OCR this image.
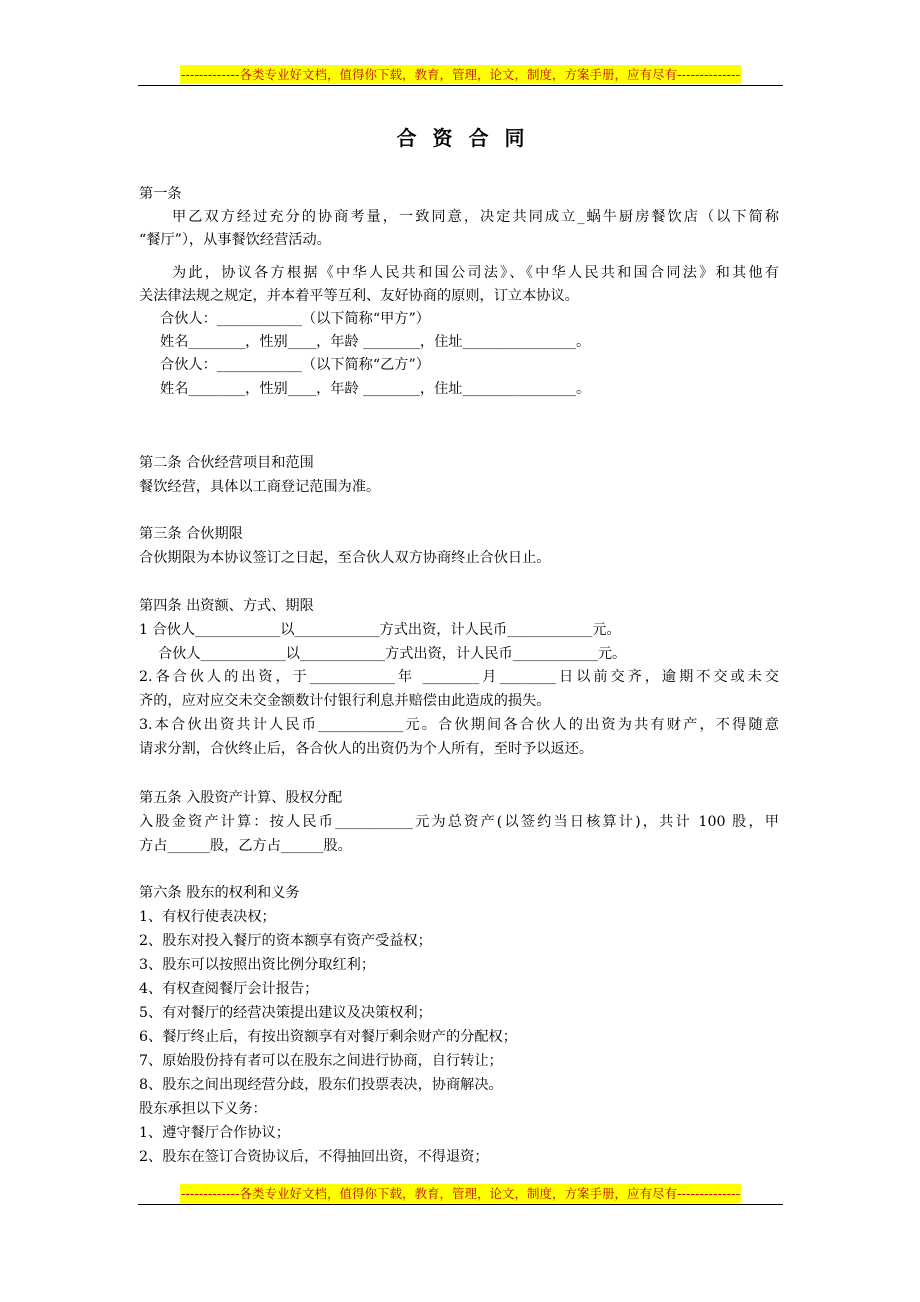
-------------各类专业好文档，值得你下载，教育，管理，论文，制度，方案手册，应有尽有--------------
合资合同
第一条
甲乙双方经过充分的协商考量，一致同意，决定共同成立_蜗牛厨房餐饮店（以下简称
“餐厅”），从事餐饮经营活动。
为此，协议各方根据《中华人民共和国公司法》、《中华人民共和国合同法》和其他有
关法律法规之规定，并本着平等互利、友好协商的原则，订立本协议。
合伙人：____________（以下简称“甲方”）
姓名________，性别____，年龄 ________，住址________________。
合伙人：____________（以下简称“乙方”）
姓名________，性别____，年龄 ________，住址________________。
第二条 合伙经营项目和范围
餐饮经营，具体以工商登记范围为准。
第三条 合伙期限
合伙期限为本协议签订之日起，至合伙人双方协商终止合伙日止。
第四条 出资额、方式、期限
1 合伙人____________以____________方式出资，计人民币____________元。
合伙人____________以____________方式出资，计人民币____________元。
2.各合伙人的出资，于____________年 ________月________日以前交齐，逾期不交或未交
齐的，应对应交未交金额数计付银行利息并赔偿由此造成的损失。
3.本合伙出资共计人民币____________元。合伙期间各合伙人的出资为共有财产，不得随意
请求分割，合伙终止后，各合伙人的出资仍为个人所有，至时予以返还。
第五条 入股资产计算、股权分配
入股金资产计算：按人民币___________元为总资产(以签约当日核算计)，共计 100 股，甲
方占______股，乙方占______股。
第六条 股东的权利和义务
1、有权行使表决权；
2、股东对投入餐厅的资本额享有资产受益权；
3、股东可以按照出资比例分取红利；
4、有权查阅餐厅会计报告；
5、有对餐厅的经营决策提出建议及决策权利；
6、餐厅终止后，有按出资额享有对餐厅剩余财产的分配权；
7、原始股份持有者可以在股东之间进行协商，自行转让；
8、股东之间出现经营分歧，股东们投票表决，协商解决。
股东承担以下义务：
1、遵守餐厅合作协议；
2、股东在签订合资协议后，不得抽回出资，不得退资；
-------------各类专业好文档，值得你下载，教育，管理，论文，制度，方案手册，应有尽有--------------
